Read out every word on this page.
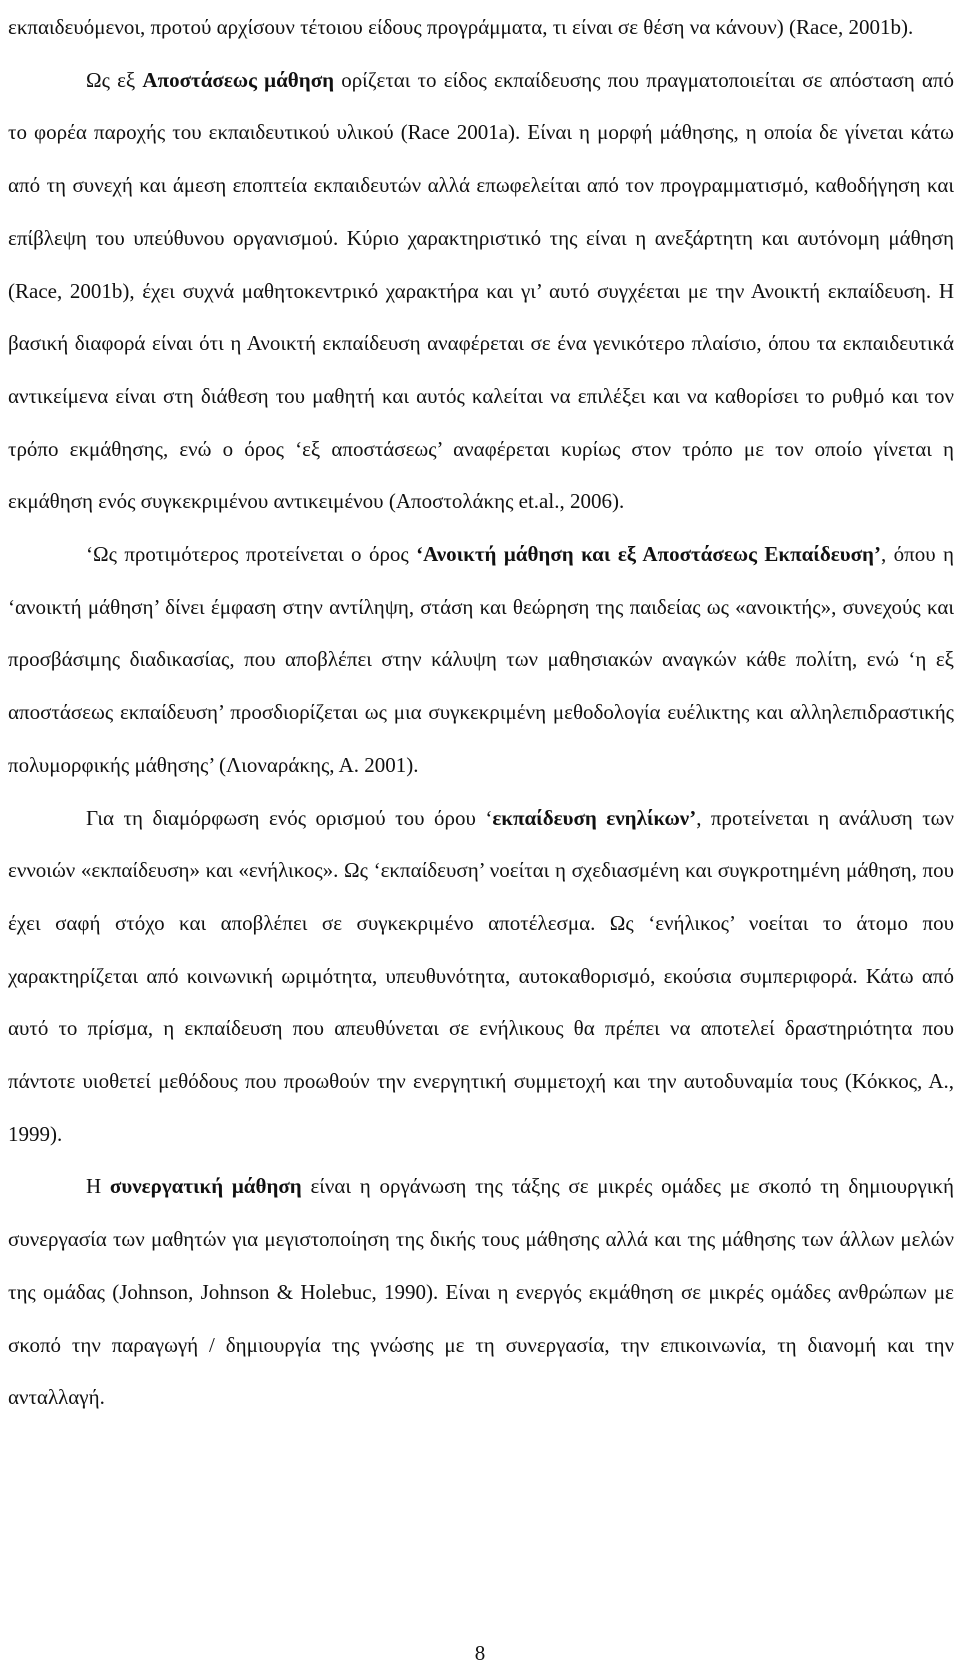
εκπαιδευόμενοι, προτού αρχίσουν τέτοιου είδους προγράμματα, τι είναι σε θέση να κάνουν) (Race, 2001b).

Ως εξ Αποστάσεως μάθηση ορίζεται το είδος εκπαίδευσης που πραγματοποιείται σε απόσταση από το φορέα παροχής του εκπαιδευτικού υλικού (Race 2001a). Είναι η μορφή μάθησης, η οποία δε γίνεται κάτω από τη συνεχή και άμεση εποπτεία εκπαιδευτών αλλά επωφελείται από τον προγραμματισμό, καθοδήγηση και επίβλεψη του υπεύθυνου οργανισμού. Κύριο χαρακτηριστικό της είναι η ανεξάρτητη και αυτόνομη μάθηση (Race, 2001b), έχει συχνά μαθητοκεντρικό χαρακτήρα και γι’ αυτό συγχέεται με την Ανοικτή εκπαίδευση. Η βασική διαφορά είναι ότι η Ανοικτή εκπαίδευση αναφέρεται σε ένα γενικότερο πλαίσιο, όπου τα εκπαιδευτικά αντικείμενα είναι στη διάθεση του μαθητή και αυτός καλείται να επιλέξει και να καθορίσει το ρυθμό και τον τρόπο εκμάθησης, ενώ ο όρος ‘εξ αποστάσεως’ αναφέρεται κυρίως στον τρόπο με τον οποίο γίνεται η εκμάθηση ενός συγκεκριμένου αντικειμένου (Αποστολάκης et.al., 2006).

‘Ως προτιμότερος προτείνεται ο όρος ‘Ανοικτή μάθηση και εξ Αποστάσεως Εκπαίδευση’, όπου η ‘ανοικτή μάθηση’ δίνει έμφαση στην αντίληψη, στάση και θεώρηση της παιδείας ως «ανοικτής», συνεχούς και προσβάσιμης διαδικασίας, που αποβλέπει στην κάλυψη των μαθησιακών αναγκών κάθε πολίτη, ενώ ‘η εξ αποστάσεως εκπαίδευση’ προσδιορίζεται ως μια συγκεκριμένη μεθοδολογία ευέλικτης και αλληλεπιδραστικής πολυμορφικής μάθησης’ (Λιοναράκης, Α. 2001).

Για τη διαμόρφωση ενός ορισμού του όρου ‘εκπαίδευση ενηλίκων’, προτείνεται η ανάλυση των εννοιών «εκπαίδευση» και «ενήλικος». Ως ‘εκπαίδευση’ νοείται η σχεδιασμένη και συγκροτημένη μάθηση, που έχει σαφή στόχο και αποβλέπει σε συγκεκριμένο αποτέλεσμα. Ως ‘ενήλικος’ νοείται το άτομο που χαρακτηρίζεται από κοινωνική ωριμότητα, υπευθυνότητα, αυτοκαθορισμό, εκούσια συμπεριφορά. Κάτω από αυτό το πρίσμα, η εκπαίδευση που απευθύνεται σε ενήλικους θα πρέπει να αποτελεί δραστηριότητα που πάντοτε υιοθετεί μεθόδους που προωθούν την ενεργητική συμμετοχή και την αυτοδυναμία τους (Κόκκος, Α., 1999).

Η συνεργατική μάθηση είναι η οργάνωση της τάξης σε μικρές ομάδες με σκοπό τη δημιουργική συνεργασία των μαθητών για μεγιστοποίηση της δικής τους μάθησης αλλά και της μάθησης των άλλων μελών της ομάδας (Johnson, Johnson & Holebuc, 1990). Είναι η ενεργός εκμάθηση σε μικρές ομάδες ανθρώπων με σκοπό την παραγωγή / δημιουργία της γνώσης με τη συνεργασία, την επικοινωνία, τη διανομή και την ανταλλαγή.

8
